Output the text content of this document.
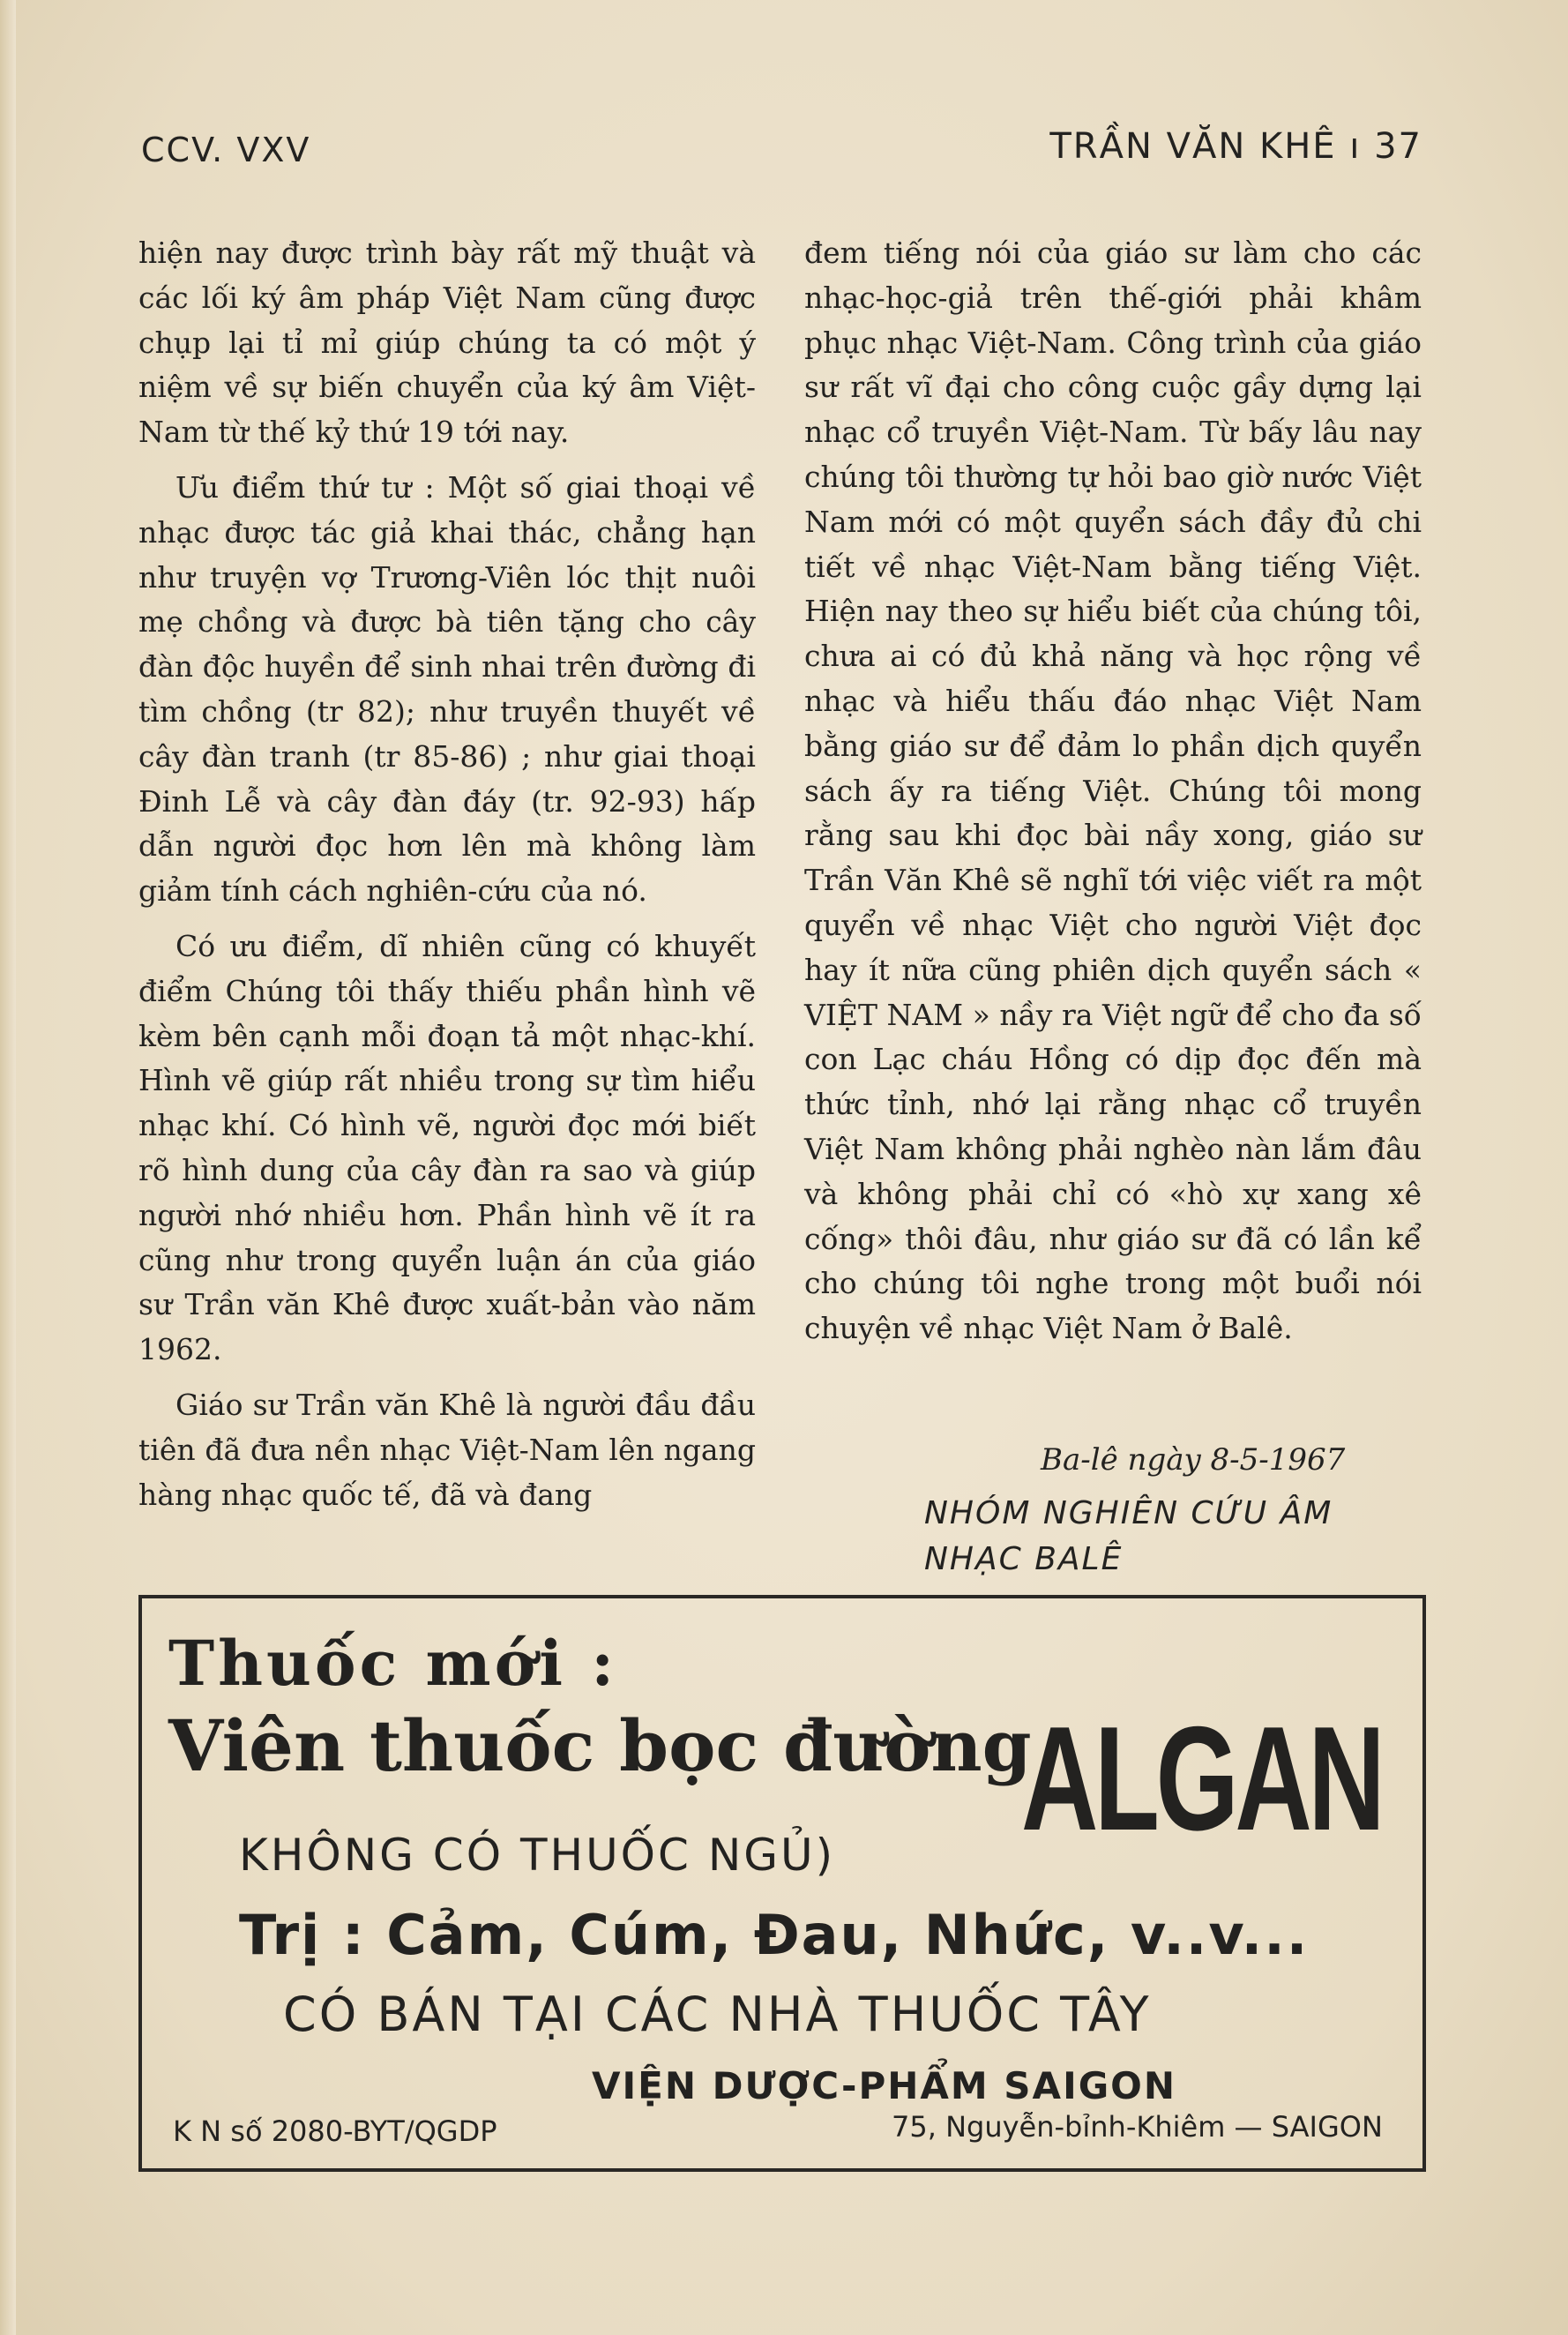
CCV. VXV	TRẦN VĂN KHÊ ı 37

hiện nay được trình bày rất mỹ thuật và các lối ký âm pháp Việt Nam cũng được chụp lại tỉ mỉ giúp chúng ta có một ý niệm về sự biến chuyển của ký âm Việt-Nam từ thế kỷ thứ 19 tới nay.

Ưu điểm thứ tư : Một số giai thoại về nhạc được tác giả khai thác, chẳng hạn như truyện vợ Trương-Viên lóc thịt nuôi mẹ chồng và được bà tiên tặng cho cây đàn độc huyền để sinh nhai trên đường đi tìm chồng (tr 82); như truyền thuyết về cây đàn tranh (tr 85-86) ; như giai thoại Đinh Lễ và cây đàn đáy (tr. 92-93) hấp dẫn người đọc hơn lên mà không làm giảm tính cách nghiên-cứu của nó.

Có ưu điểm, dĩ nhiên cũng có khuyết điểm Chúng tôi thấy thiếu phần hình vẽ kèm bên cạnh mỗi đoạn tả một nhạc-khí. Hình vẽ giúp rất nhiều trong sự tìm hiểu nhạc khí. Có hình vẽ, người đọc mới biết rõ hình dung của cây đàn ra sao và giúp người nhớ nhiều hơn. Phần hình vẽ ít ra cũng như trong quyển luận án của giáo sư Trần văn Khê được xuất-bản vào năm 1962.

Giáo sư Trần văn Khê là người đầu đầu tiên đã đưa nền nhạc Việt-Nam lên ngang hàng nhạc quốc tế, đã và đang

đem tiếng nói của giáo sư làm cho các nhạc-học-giả trên thế-giới phải khâm phục nhạc Việt-Nam. Công trình của giáo sư rất vĩ đại cho công cuộc gầy dựng lại nhạc cổ truyền Việt-Nam. Từ bấy lâu nay chúng tôi thường tự hỏi bao giờ nước Việt Nam mới có một quyển sách đầy đủ chi tiết về nhạc Việt-Nam bằng tiếng Việt. Hiện nay theo sự hiểu biết của chúng tôi, chưa ai có đủ khả năng và học rộng về nhạc và hiểu thấu đáo nhạc Việt Nam bằng giáo sư để đảm lo phần dịch quyển sách ấy ra tiếng Việt. Chúng tôi mong rằng sau khi đọc bài nầy xong, giáo sư Trần Văn Khê sẽ nghĩ tới việc viết ra một quyển về nhạc Việt cho người Việt đọc hay ít nữa cũng phiên dịch quyển sách « VIỆT NAM » nầy ra Việt ngữ để cho đa số con Lạc cháu Hồng có dịp đọc đến mà thức tỉnh, nhớ lại rằng nhạc cổ truyền Việt Nam không phải nghèo nàn lắm đâu và không phải chỉ có «hò xự xang xê cống» thôi đâu, như giáo sư đã có lần kể cho chúng tôi nghe trong một buổi nói chuyện về nhạc Việt Nam ở Balê.

Ba-lê ngày 8-5-1967
NHÓM NGHIÊN CỨU ÂM NHẠC BALÊ
Thuốc mới :
Viên thuốc bọc đường
ALGAN
KHÔNG CÓ THUỐC NGỦ)
Trị : Cảm, Cúm, Đau, Nhức, v..v...
CÓ BÁN TẠI CÁC NHÀ THUỐC TÂY
VIỆN DƯỢC-PHẨM SAIGON
K N số 2080-BYT/QGDP	75, Nguyễn-bỉnh-Khiêm — SAIGON
